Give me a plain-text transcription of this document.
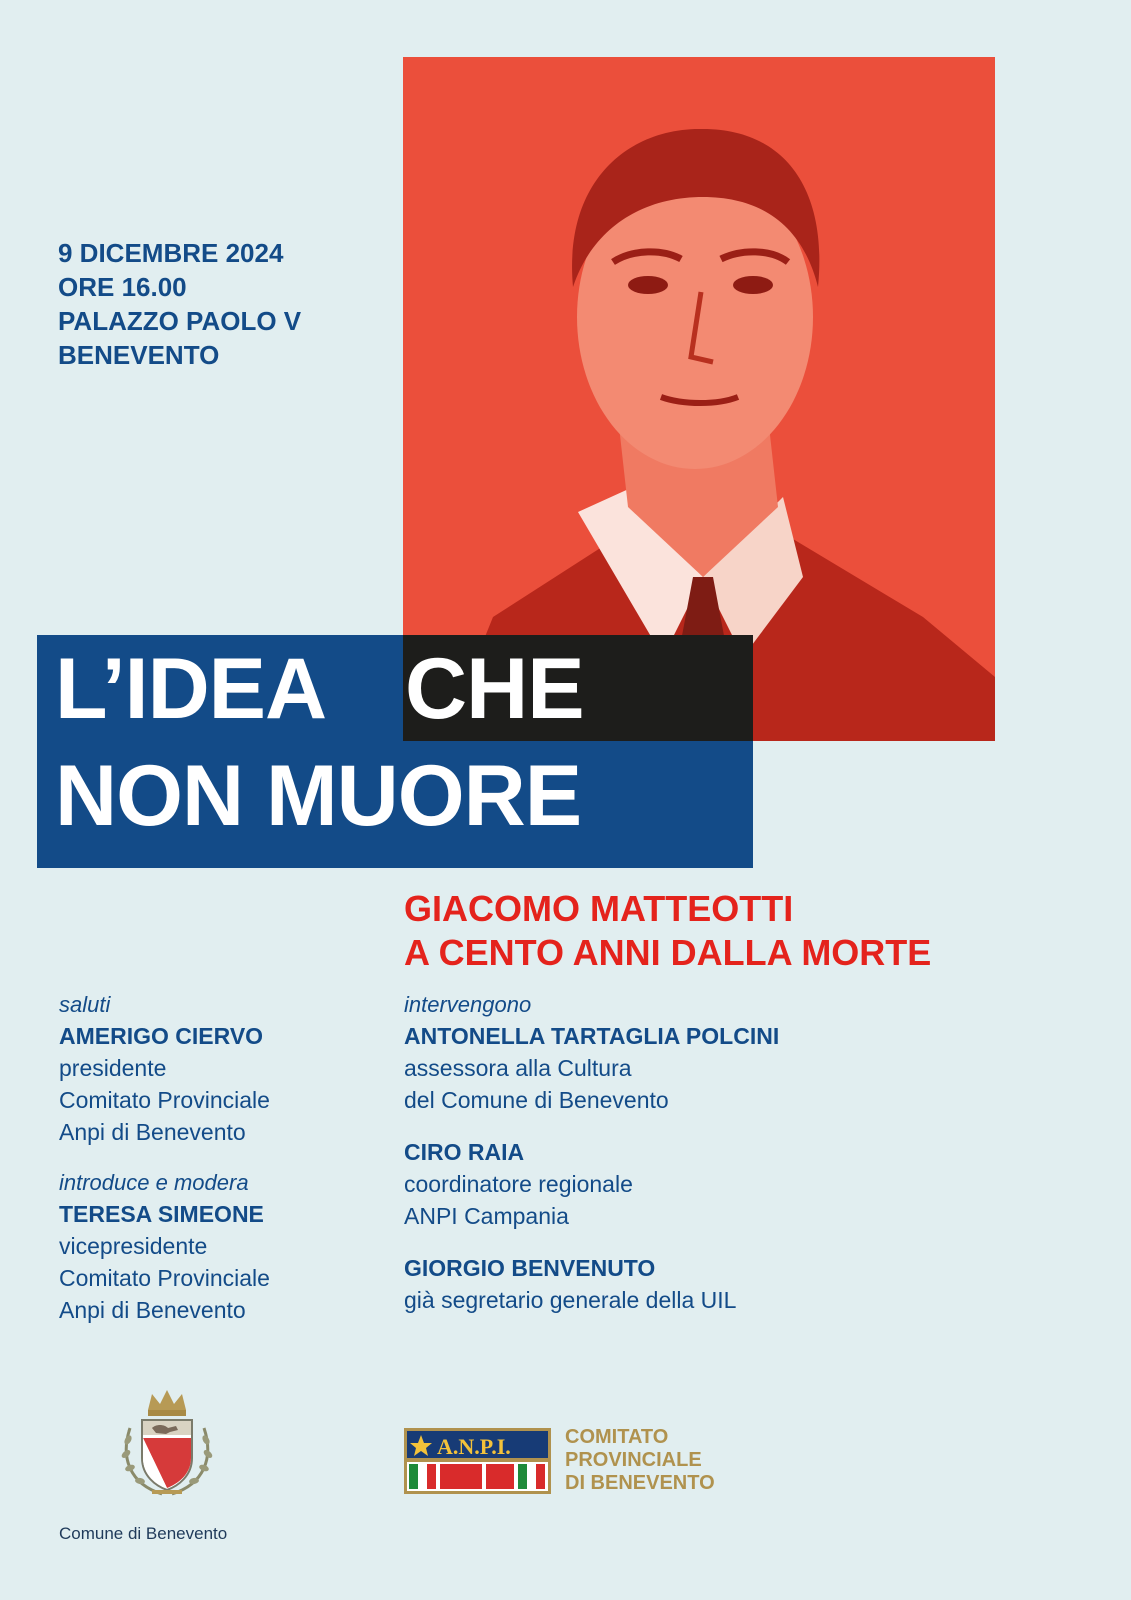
9 DICEMBRE 2024
ORE 16.00
PALAZZO PAOLO V
BENEVENTO
L’IDEA CHE
NON MUORE
GIACOMO MATTEOTTI
A CENTO ANNI DALLA MORTE
saluti
AMERIGO CIERVO
presidente
Comitato Provinciale
Anpi di Benevento
introduce e modera
TERESA SIMEONE
vicepresidente
Comitato Provinciale
Anpi di Benevento
intervengono
ANTONELLA TARTAGLIA POLCINI
assessora alla Cultura
del Comune di Benevento
CIRO RAIA
coordinatore regionale
ANPI Campania
GIORGIO BENVENUTO
già segretario generale della UIL
Comune di Benevento
A.N.P.I.	COMITATO
PROVINCIALE
DI BENEVENTO
